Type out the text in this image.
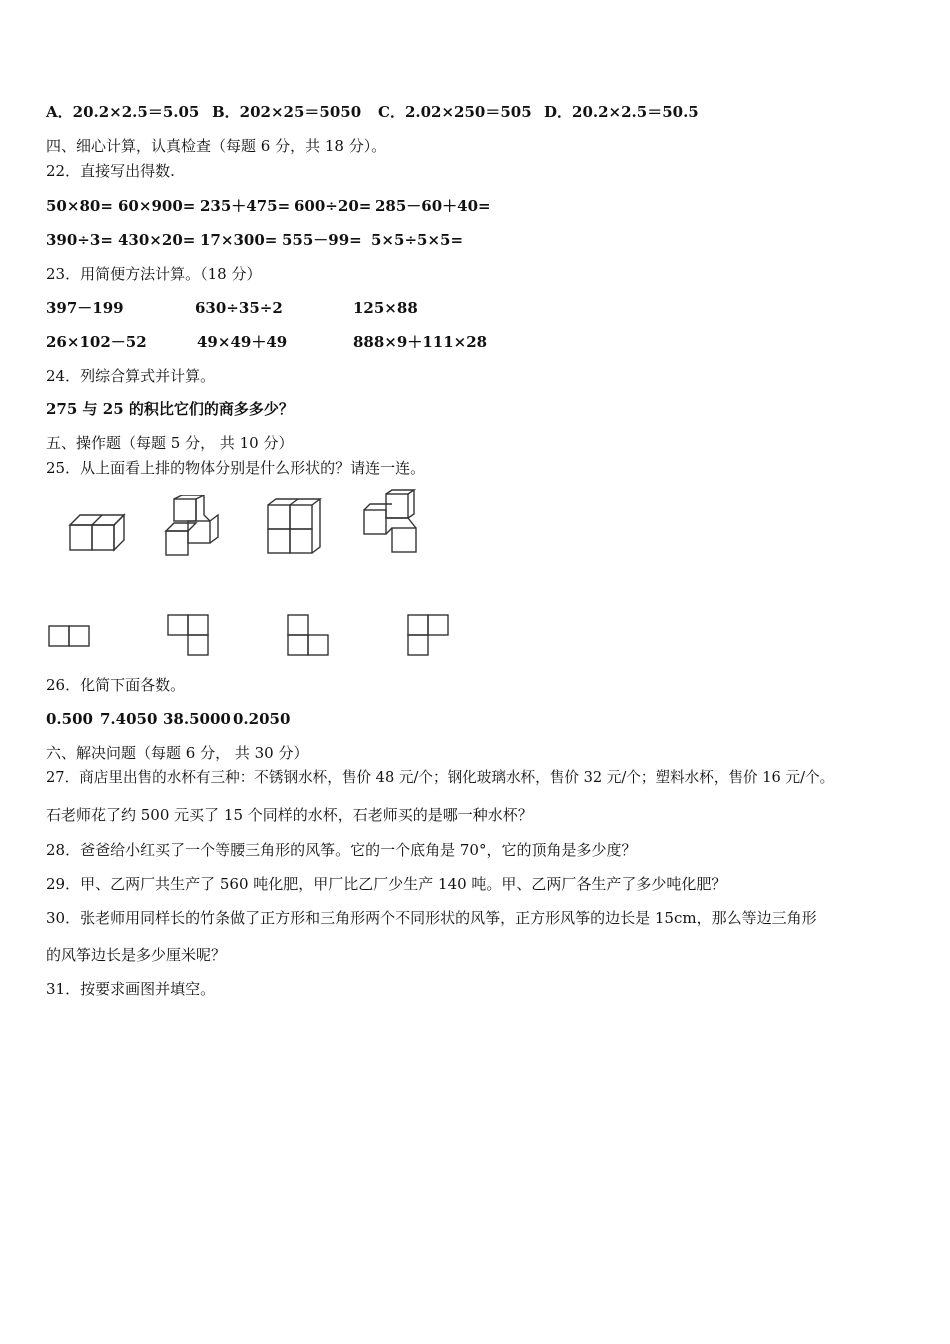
A．20.2×2.5＝5.05 B．202×25＝5050 C．2.02×250＝505 D．20.2×2.5＝50.5
四、细心计算，认真检查（每题 6 分，共 18 分）。
22．直接写出得数.
50×80= 60×900= 235＋475= 600÷20= 285－60＋40=
390÷3= 430×20= 17×300= 555－99= 5×5÷5×5=
23．用简便方法计算。（18 分）
397－199	630÷35÷2	125×88
26×102－52	49×49＋49	888×9＋111×28
24．列综合算式并计算。
275 与 25 的积比它们的商多多少？
五、操作题（每题 5 分， 共 10 分）
25．从上面看上排的物体分别是什么形状的？请连一连。
26．化简下面各数。
0.500 7.4050 38.5000 0.2050
六、解决问题（每题 6 分， 共 30 分）
27．商店里出售的水杯有三种：不锈钢水杯，售价 48 元/个；钢化玻璃水杯，售价 32 元/个；塑料水杯，售价 16 元/个。
石老师花了约 500 元买了 15 个同样的水杯，石老师买的是哪一种水杯？
28．爸爸给小红买了一个等腰三角形的风筝。它的一个底角是 70°，它的顶角是多少度？
29．甲、乙两厂共生产了 560 吨化肥，甲厂比乙厂少生产 140 吨。甲、乙两厂各生产了多少吨化肥？
30．张老师用同样长的竹条做了正方形和三角形两个不同形状的风筝，正方形风筝的边长是 15cm，那么等边三角形
的风筝边长是多少厘米呢？
31．按要求画图并填空。
